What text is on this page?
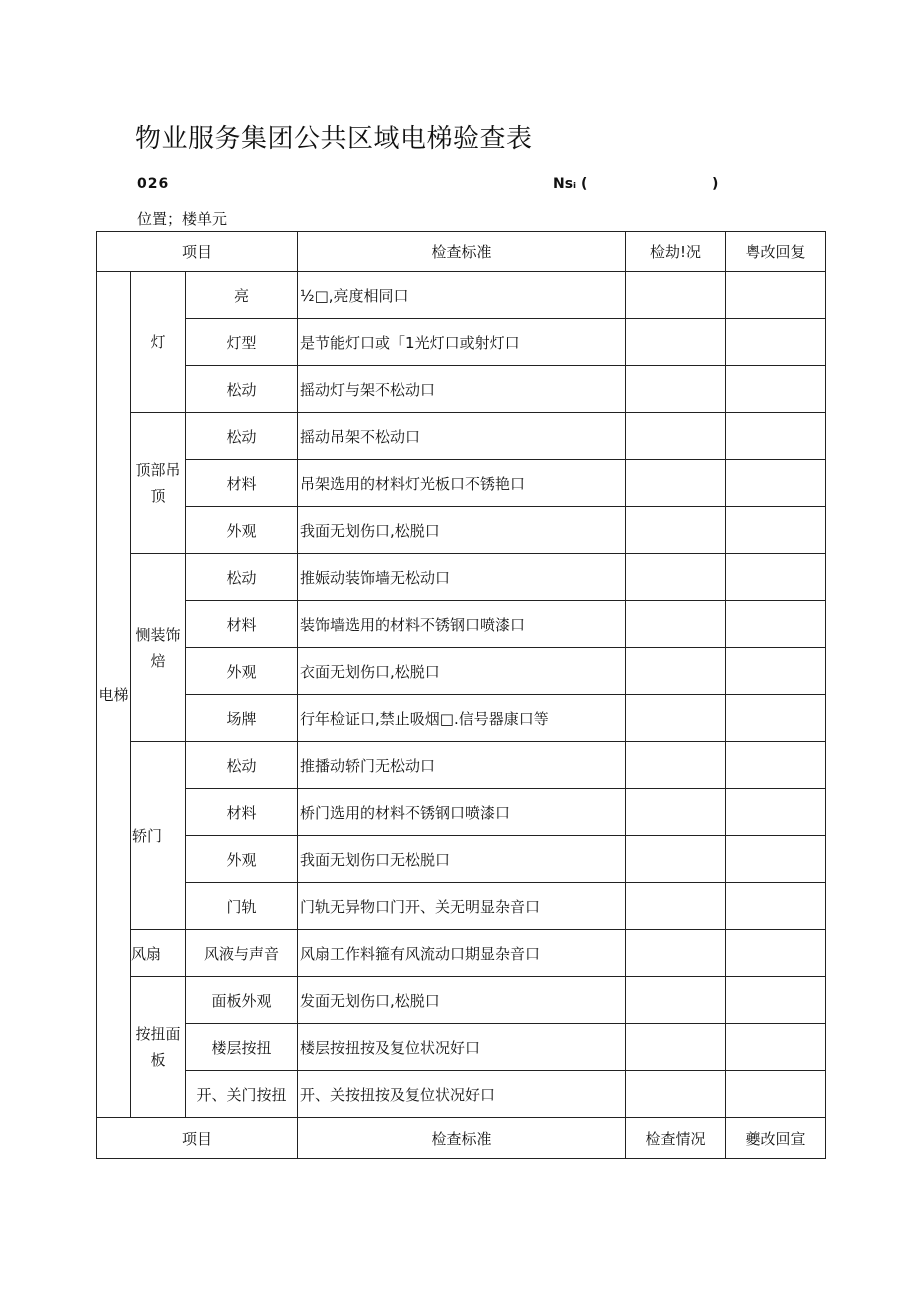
物业服务集团公共区域电梯验查表
026	Nsᵢ (	)
位置；楼单元
项目			检查标准	检劫!况	粤改回复
电梯	灯	亮	½□,亮度相同口		
		灯型	是节能灯口或「1光灯口或射灯口		
		松动	摇动灯与架不松动口		
	顶部吊顶	松动	摇动吊架不松动口		
		材料	吊架选用的材料灯光板口不锈艳口		
		外观	我面无划伤口,松脱口		
	恻装饰焙	松动	推娠动装饰墙无松动口		
		材料	装饰墙选用的材料不锈钢口喷漆口		
		外观	衣面无划伤口,松脱口		
		场牌	行年检证口,禁止吸烟□.信号器康口等		
	轿门	松动	推播动轿门无松动口		
		材料	桥门选用的材料不锈钢口喷漆口		
		外观	我面无划伤口无松脱口		
		门轨	门轨无异物口门开、关无明显杂音口		
	风扇	风液与声音	风扇工作料箍有风流动口期显杂音口		
	按扭面板	面板外观	发面无划伤口,松脱口		
		楼层按扭	楼层按扭按及复位状况好口		
		开、关门按扭	开、关按扭按及复位状况好口		
项目			检查标准	检查情况	夔改回宣
